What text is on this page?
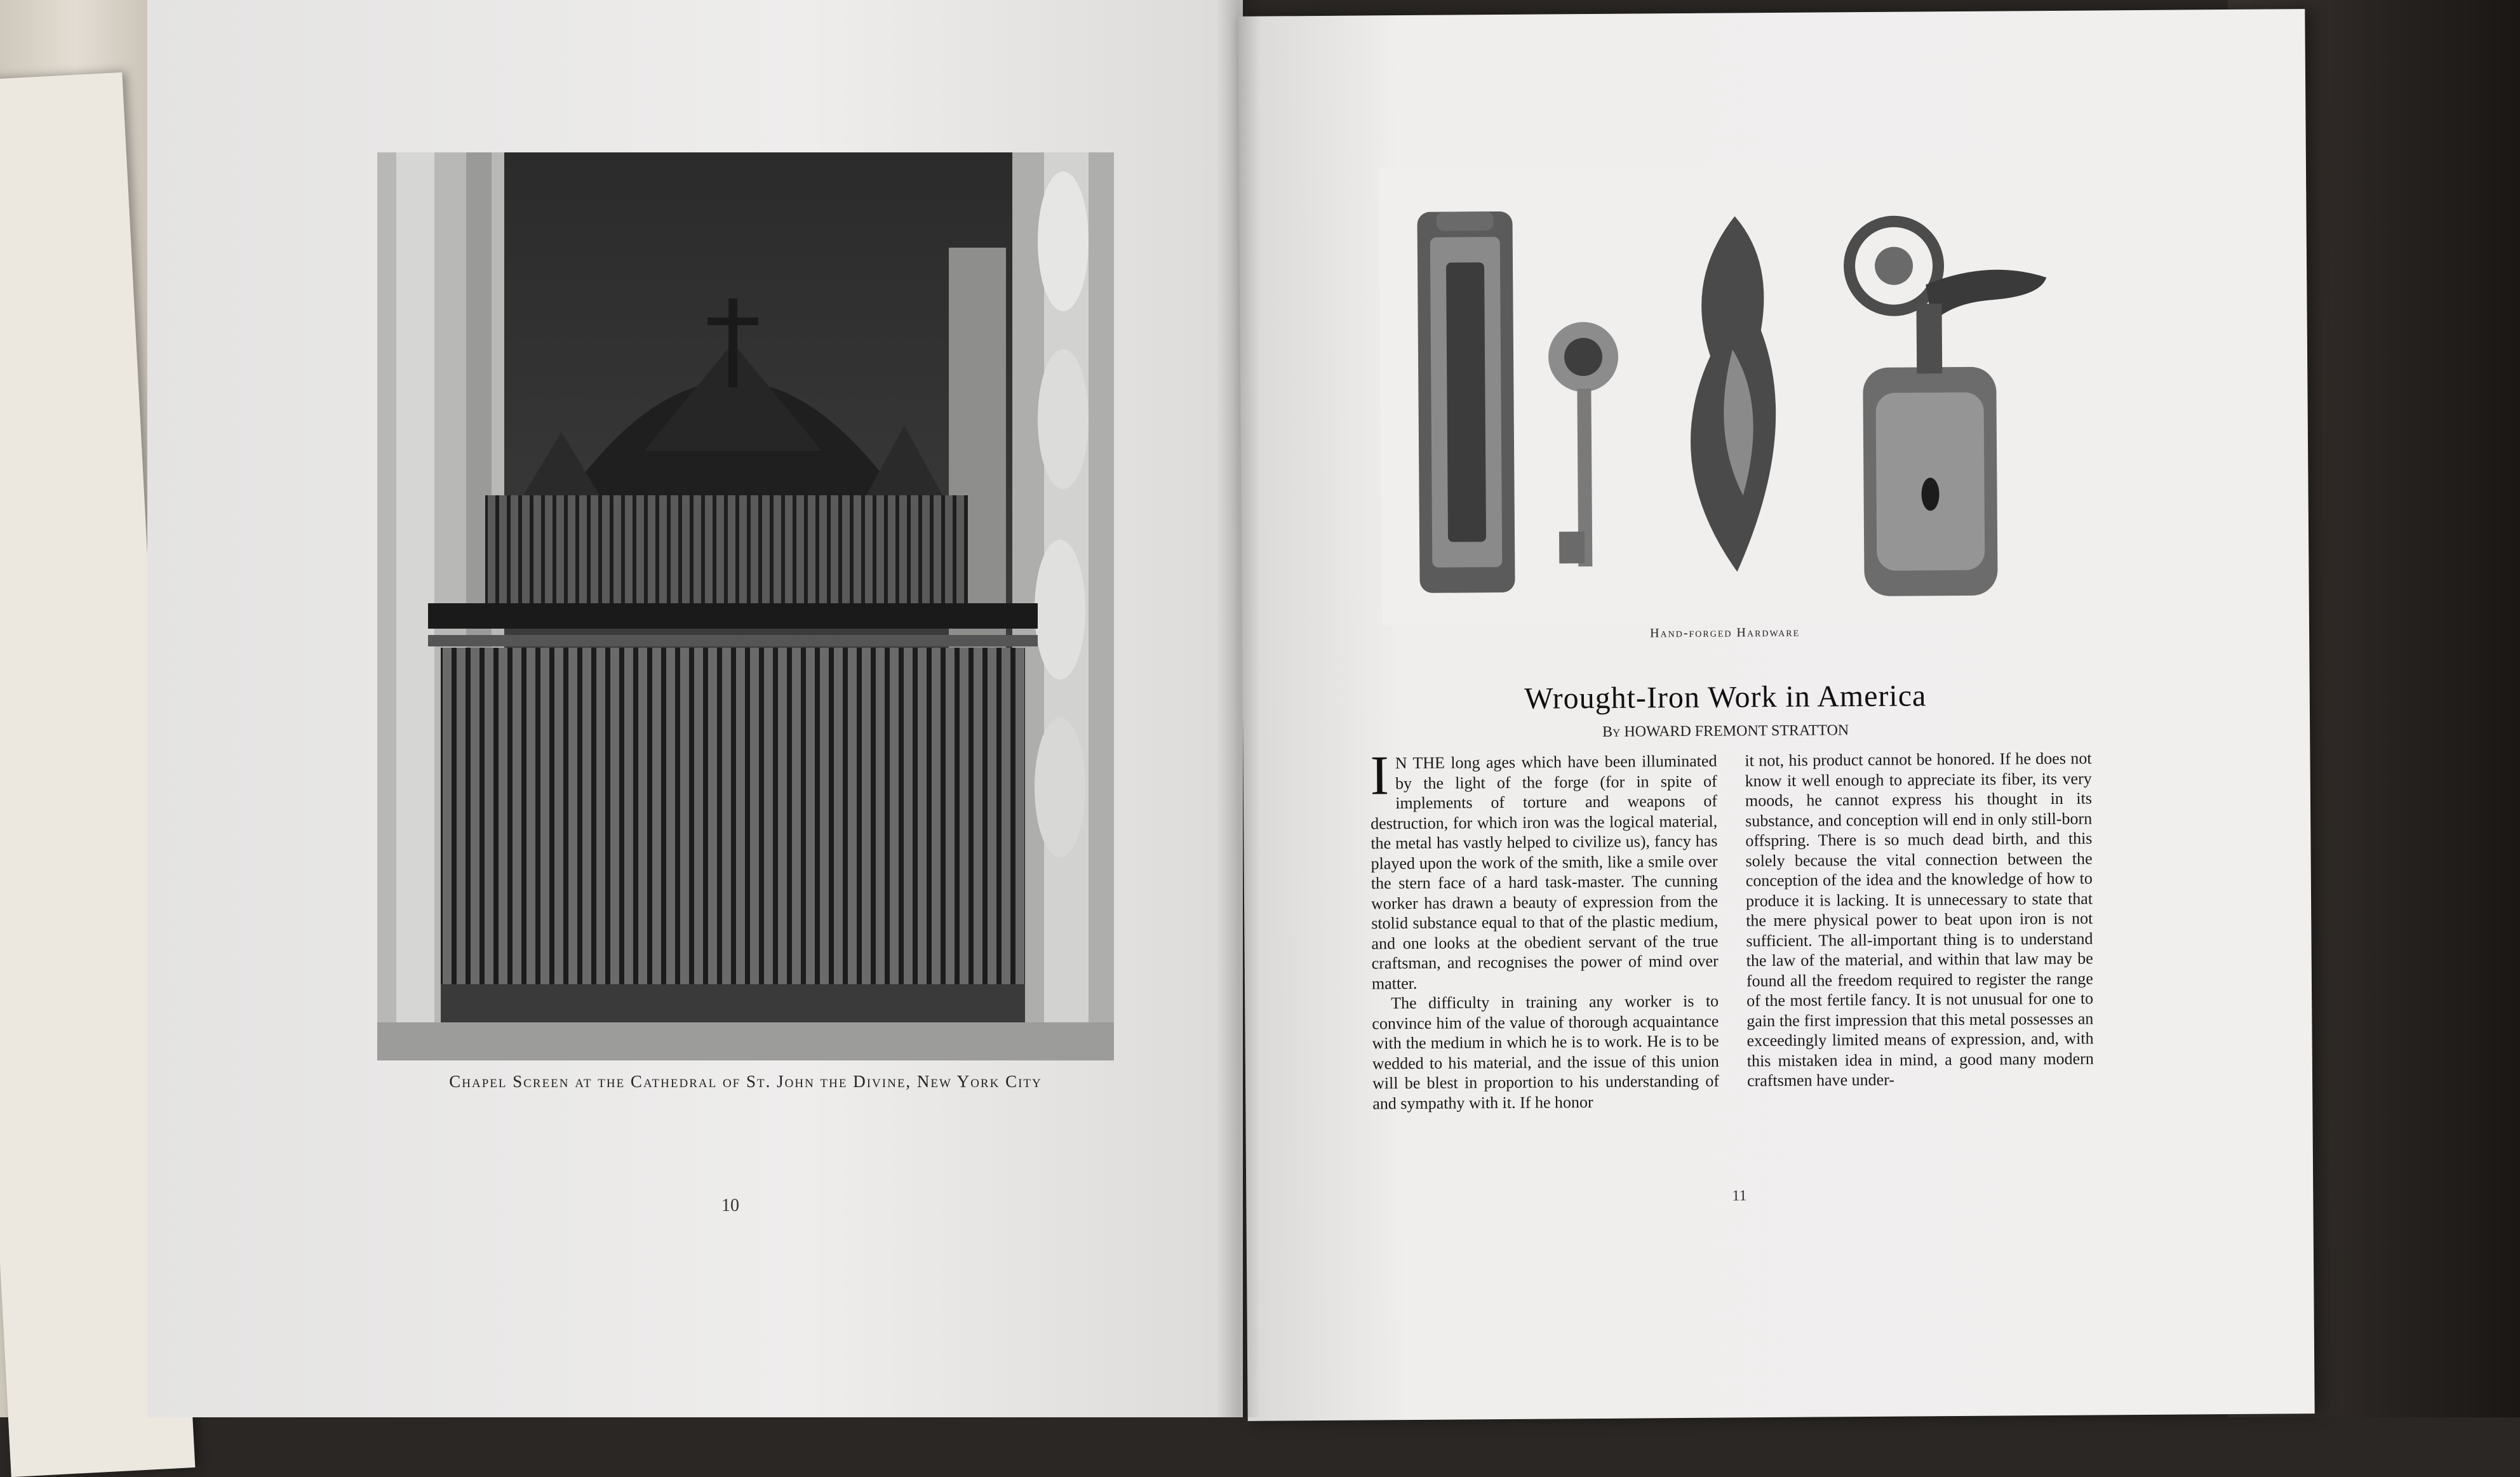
Chapel Screen at the Cathedral of St. John the Divine, New York City
10
Hand-forged Hardware
Wrought-Iron Work in America
By HOWARD FREMONT STRATTON

I N THE long ages which have been illuminated by the light of the forge (for in spite of implements of torture and weapons of destruction, for which iron was the logical material, the metal has vastly helped to civilize us), fancy has played upon the work of the smith, like a smile over the stern face of a hard task-master. The cunning worker has drawn a beauty of expression from the stolid substance equal to that of the plastic medium, and one looks at the obedient servant of the true craftsman, and recognises the power of mind over matter.

The difficulty in training any worker is to convince him of the value of thorough acquaintance with the medium in which he is to work. He is to be wedded to his material, and the issue of this union will be blest in proportion to his understanding of and sympathy with it. If he honor

it not, his product cannot be honored. If he does not know it well enough to appreciate its fiber, its very moods, he cannot express his thought in its substance, and conception will end in only still-born offspring. There is so much dead birth, and this solely because the vital connection between the conception of the idea and the knowledge of how to produce it is lacking. It is unnecessary to state that the mere physical power to beat upon iron is not sufficient. The all-important thing is to understand the law of the material, and within that law may be found all the freedom required to register the range of the most fertile fancy. It is not unusual for one to gain the first impression that this metal possesses an exceedingly limited means of expression, and, with this mistaken idea in mind, a good many modern craftsmen have under-

11
